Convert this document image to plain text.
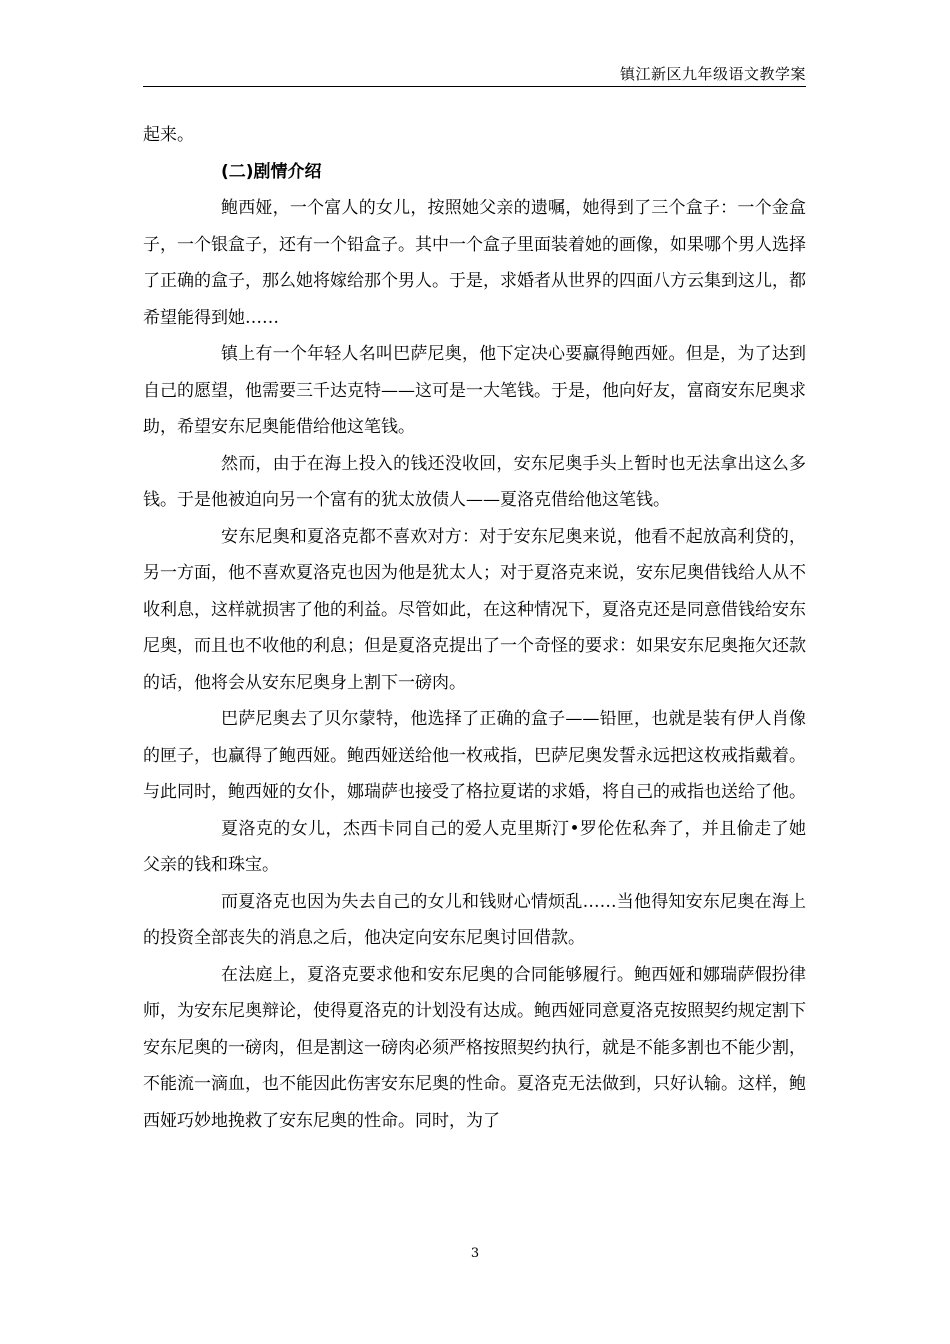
镇江新区九年级语文教学案

起来。

(二)剧情介绍

鲍西娅，一个富人的女儿，按照她父亲的遗嘱，她得到了三个盒子：一个金盒子，一个银盒子，还有一个铅盒子。其中一个盒子里面装着她的画像，如果哪个男人选择了正确的盒子，那么她将嫁给那个男人。于是，求婚者从世界的四面八方云集到这儿，都希望能得到她……

镇上有一个年轻人名叫巴萨尼奥，他下定决心要赢得鲍西娅。但是，为了达到自己的愿望，他需要三千达克特——这可是一大笔钱。于是，他向好友，富商安东尼奥求助，希望安东尼奥能借给他这笔钱。

然而，由于在海上投入的钱还没收回，安东尼奥手头上暂时也无法拿出这么多钱。于是他被迫向另一个富有的犹太放债人——夏洛克借给他这笔钱。

安东尼奥和夏洛克都不喜欢对方：对于安东尼奥来说，他看不起放高利贷的，另一方面，他不喜欢夏洛克也因为他是犹太人；对于夏洛克来说，安东尼奥借钱给人从不收利息，这样就损害了他的利益。尽管如此，在这种情况下，夏洛克还是同意借钱给安东尼奥，而且也不收他的利息；但是夏洛克提出了一个奇怪的要求：如果安东尼奥拖欠还款的话，他将会从安东尼奥身上割下一磅肉。

巴萨尼奥去了贝尔蒙特，他选择了正确的盒子——铅匣，也就是装有伊人肖像的匣子，也赢得了鲍西娅。鲍西娅送给他一枚戒指，巴萨尼奥发誓永远把这枚戒指戴着。与此同时，鲍西娅的女仆，娜瑞萨也接受了格拉夏诺的求婚，将自己的戒指也送给了他。

夏洛克的女儿，杰西卡同自己的爱人克里斯汀•罗伦佐私奔了，并且偷走了她父亲的钱和珠宝。

而夏洛克也因为失去自己的女儿和钱财心情烦乱……当他得知安东尼奥在海上的投资全部丧失的消息之后，他决定向安东尼奥讨回借款。

在法庭上，夏洛克要求他和安东尼奥的合同能够履行。鲍西娅和娜瑞萨假扮律师，为安东尼奥辩论，使得夏洛克的计划没有达成。鲍西娅同意夏洛克按照契约规定割下安东尼奥的一磅肉，但是割这一磅肉必须严格按照契约执行，就是不能多割也不能少割，不能流一滴血，也不能因此伤害安东尼奥的性命。夏洛克无法做到，只好认输。这样，鲍西娅巧妙地挽救了安东尼奥的性命。同时，为了

3
